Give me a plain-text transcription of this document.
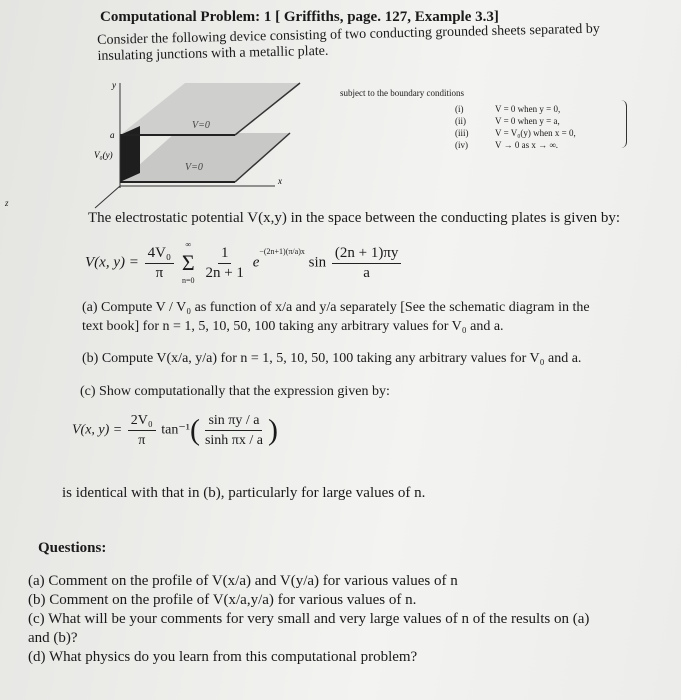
Computational Problem: 1 [ Griffiths, page. 127, Example 3.3]
Consider the following device consisting of two conducting grounded sheets separated by insulating junctions with a metallic plate.
y
x
a
V₀(y)
V=0
V=0
z
subject to the boundary conditions
(i)	V = 0 when y = 0,
(ii)	V = 0 when y = a,
(iii)	V = V₀(y) when x = 0,
(iv)	V → 0 as x → ∞.
The electrostatic potential V(x,y) in the space between the conducting plates is given by:
V(x, $y) = \frac{\text{4V₀}}{\pi}$
∞
Σ
n=0
$\frac{1}{2n + 1} e^{-(2n+1)(\pi/a)x}$ $\sin \frac{(2n + 1)\pi y}{a}$
(a) Compute V / V₀ as function of x/a and y/a separately [See the schematic diagram in the
text book] for n = 1, 5, 10, 50, 100 taking any arbitrary values for V₀ and a.
(b) Compute V(x/a, y/a) for n = 1, 5, 10, 50, 100 taking any arbitrary values for V₀ and a.
(c) Show computationally that the expression given by:
V(x, $y) = \frac{\text{2V₀}}{\pi} \tan^{-1}( \frac{\text{sin πy / a}}{\text{sinh πx / a}}$ )
is identical with that in (b), particularly for large values of n.
Questions:
(a) Comment on the profile of V(x/a) and V(y/a) for various values of n
(b) Comment on the profile of V(x/a,y/a) for various values of n.
(c) What will be your comments for very small and very large values of n of the results on (a)
and (b)?
(d) What physics do you learn from this computational problem?
